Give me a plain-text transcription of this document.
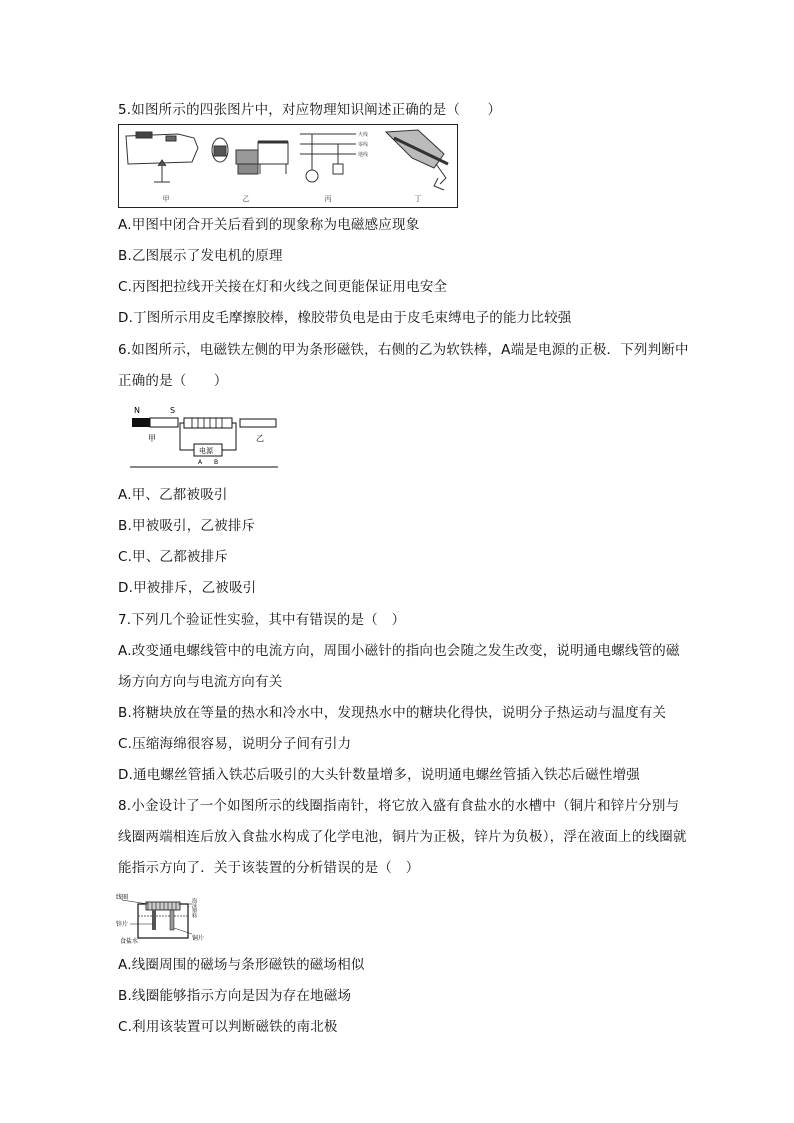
5.如图所示的四张图片中，对应物理知识阐述正确的是（　　）
火线
零线
地线
甲	乙	丙	丁
A.甲图中闭合开关后看到的现象称为电磁感应现象
B.乙图展示了发电机的原理
C.丙图把拉线开关接在灯和火线之间更能保证用电安全
D.丁图所示用皮毛摩擦胶棒，橡胶带负电是由于皮毛束缚电子的能力比较强
6.如图所示，电磁铁左侧的甲为条形磁铁，右侧的乙为软铁棒，A端是电源的正极．下列判断中
正确的是（　　）
N	S
甲
电源
A B
乙
A.甲、乙都被吸引
B.甲被吸引，乙被排斥
C.甲、乙都被排斥
D.甲被排斥，乙被吸引
7.下列几个验证性实验，其中有错误的是（　）
A.改变通电螺线管中的电流方向，周围小磁针的指向也会随之发生改变，说明通电螺线管的磁
场方向方向与电流方向有关
B.将糖块放在等量的热水和冷水中，发现热水中的糖块化得快，说明分子热运动与温度有关
C.压缩海绵很容易，说明分子间有引力
D.通电螺丝管插入铁芯后吸引的大头针数量增多，说明通电螺丝管插入铁芯后磁性增强
8.小金设计了一个如图所示的线圈指南针，将它放入盛有食盐水的水槽中（铜片和锌片分别与
线圈两端相连后放入食盐水构成了化学电池，铜片为正极，锌片为负极），浮在液面上的线圈就
能指示方向了．关于该装置的分析错误的是（　）
线圈
锌片
食盐水
泡沫塑料
铜片
A.线圈周围的磁场与条形磁铁的磁场相似
B.线圈能够指示方向是因为存在地磁场
C.利用该装置可以判断磁铁的南北极
